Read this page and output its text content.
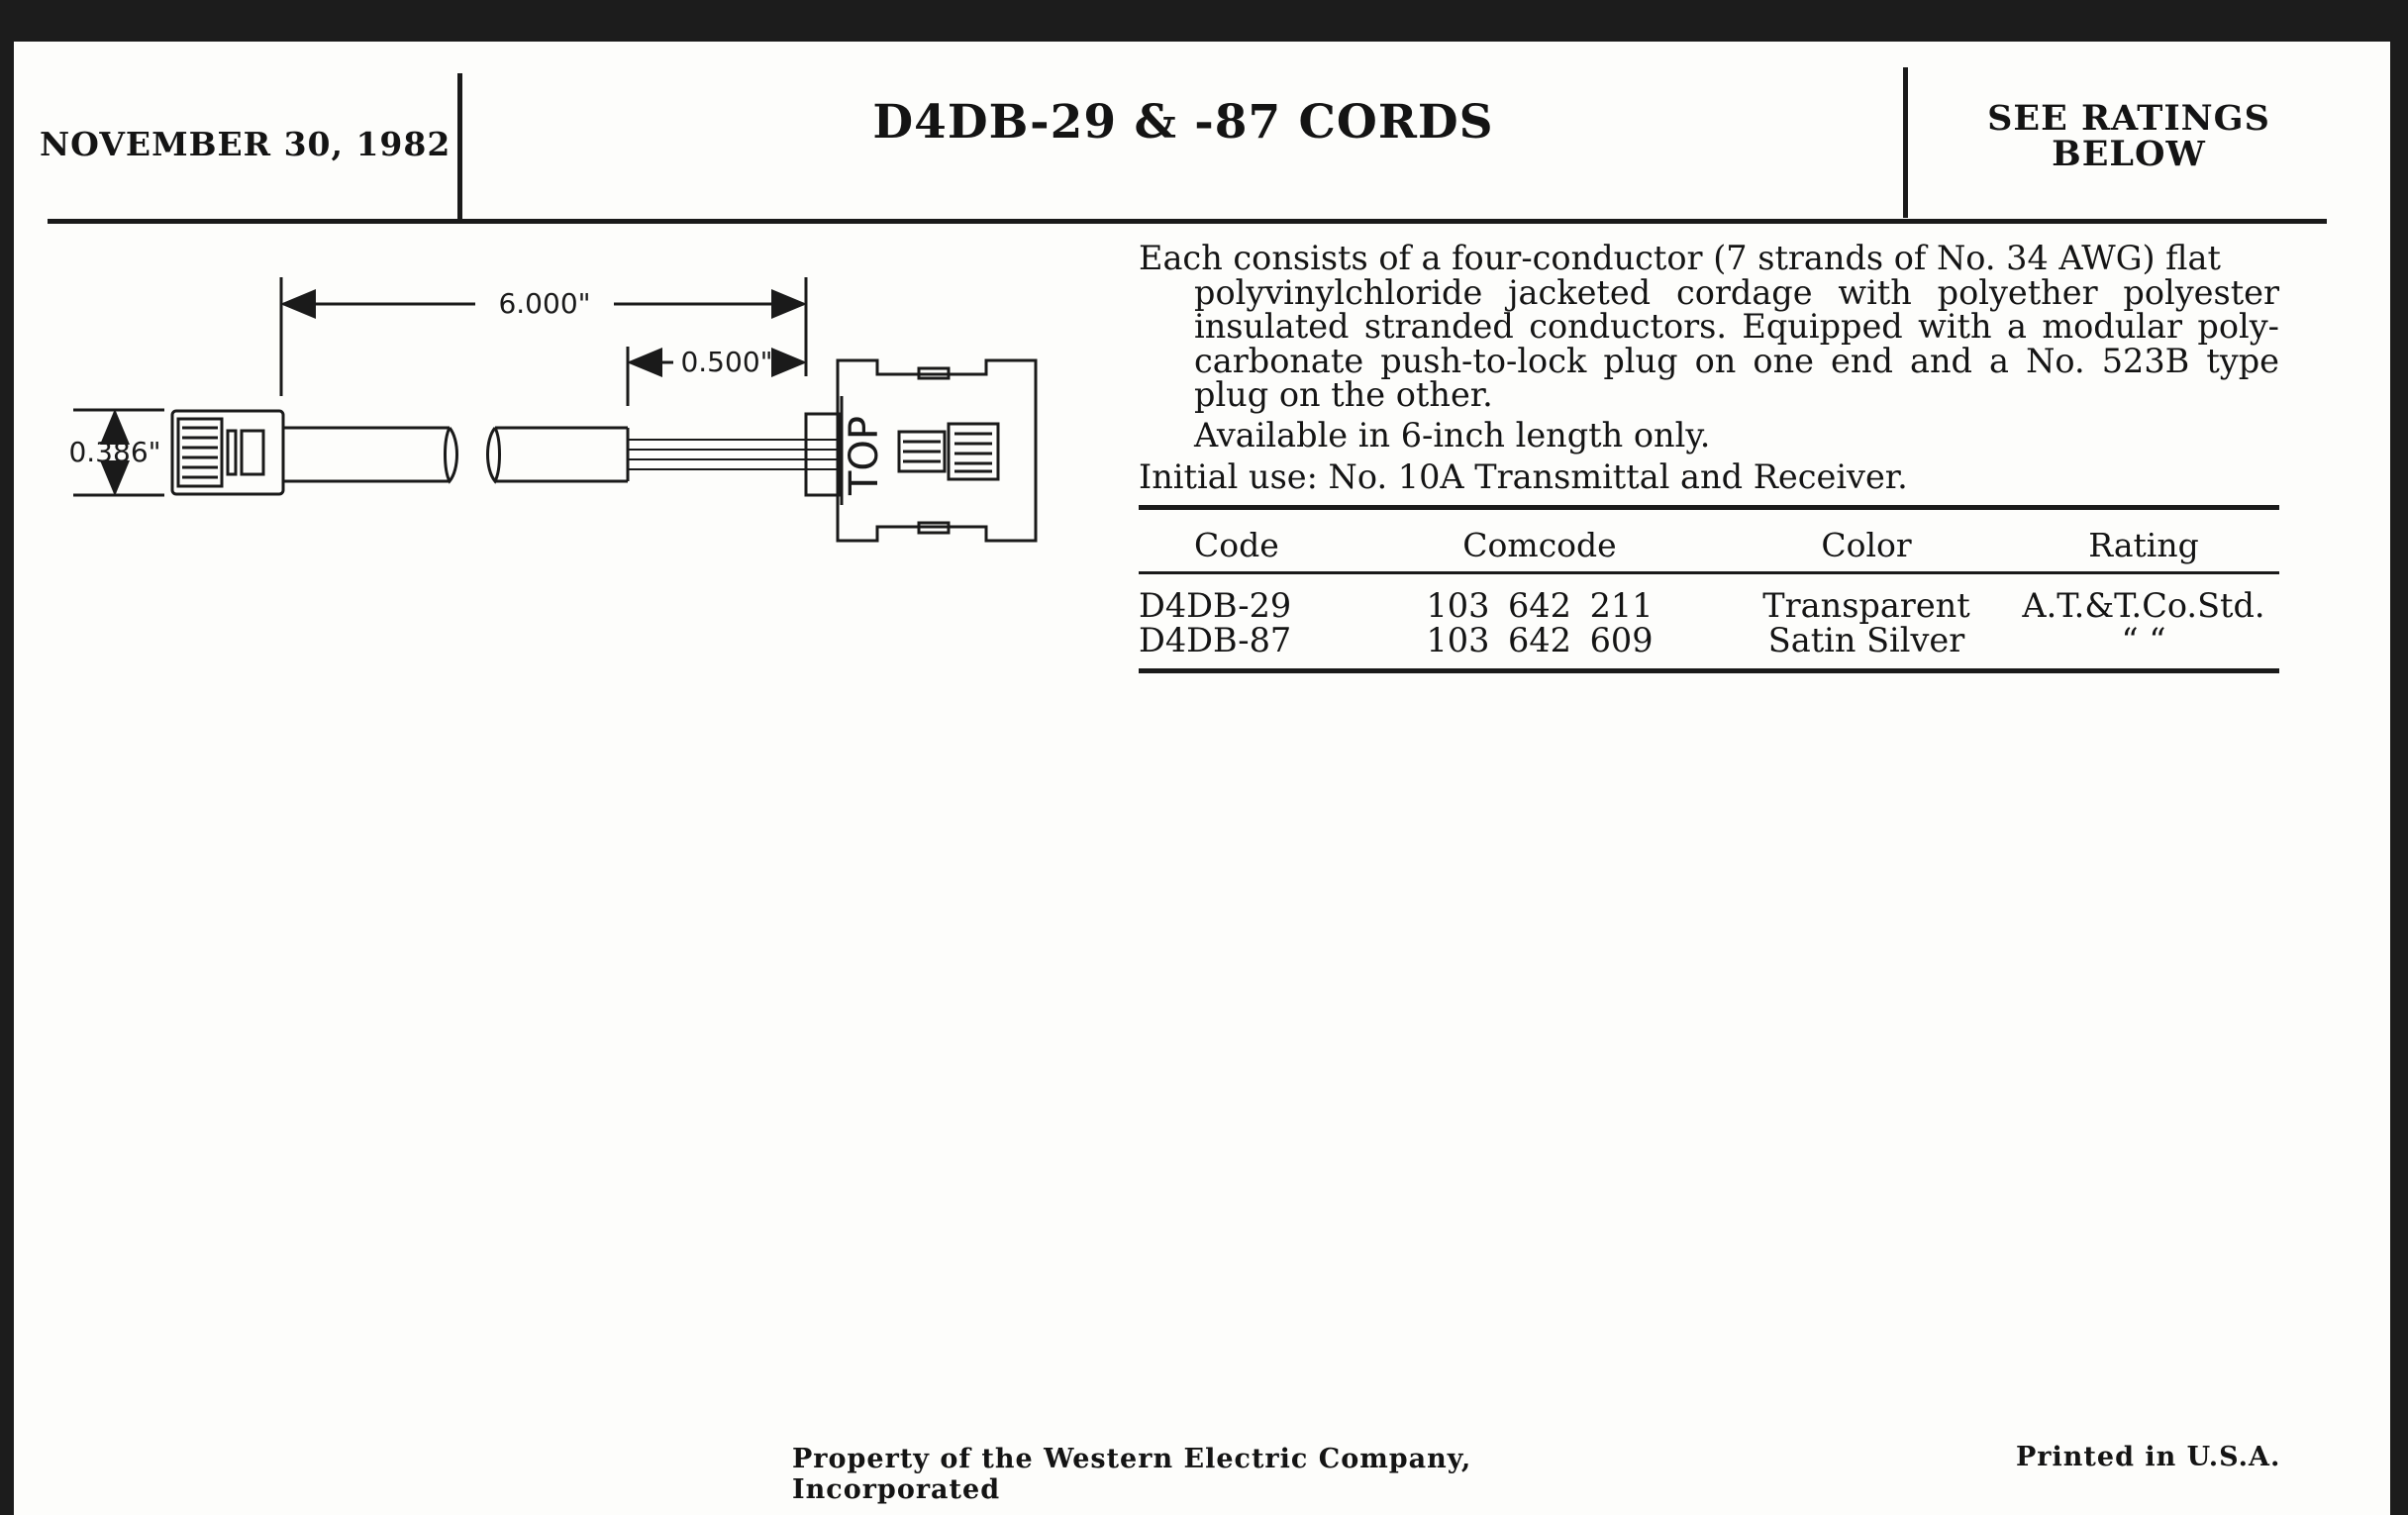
NOVEMBER 30, 1982	D4DB-29 & -87 CORDS	SEE RATINGS
BELOW
6.000"
0.500"
0.386"	TOP

Each consists of a four-conductor (7 strands of No. 34 AWG) flat
polyvinylchloride jacketed cordage with polyether polyester insulated stranded conductors. Equipped with a modular poly-carbonate push-to-lock plug on one end and a No. 523B type plug on the other.

Available in 6-inch length only.

Initial use: No. 10A Transmittal and Receiver.

Code	Comcode	Color	Rating
D4DB-29	103 642 211	Transparent	A.T.&T.Co.Std.
D4DB-87	103 642 609	Satin Silver	“ “
Property of the Western Electric Company, Incorporated
Printed in U.S.A.
